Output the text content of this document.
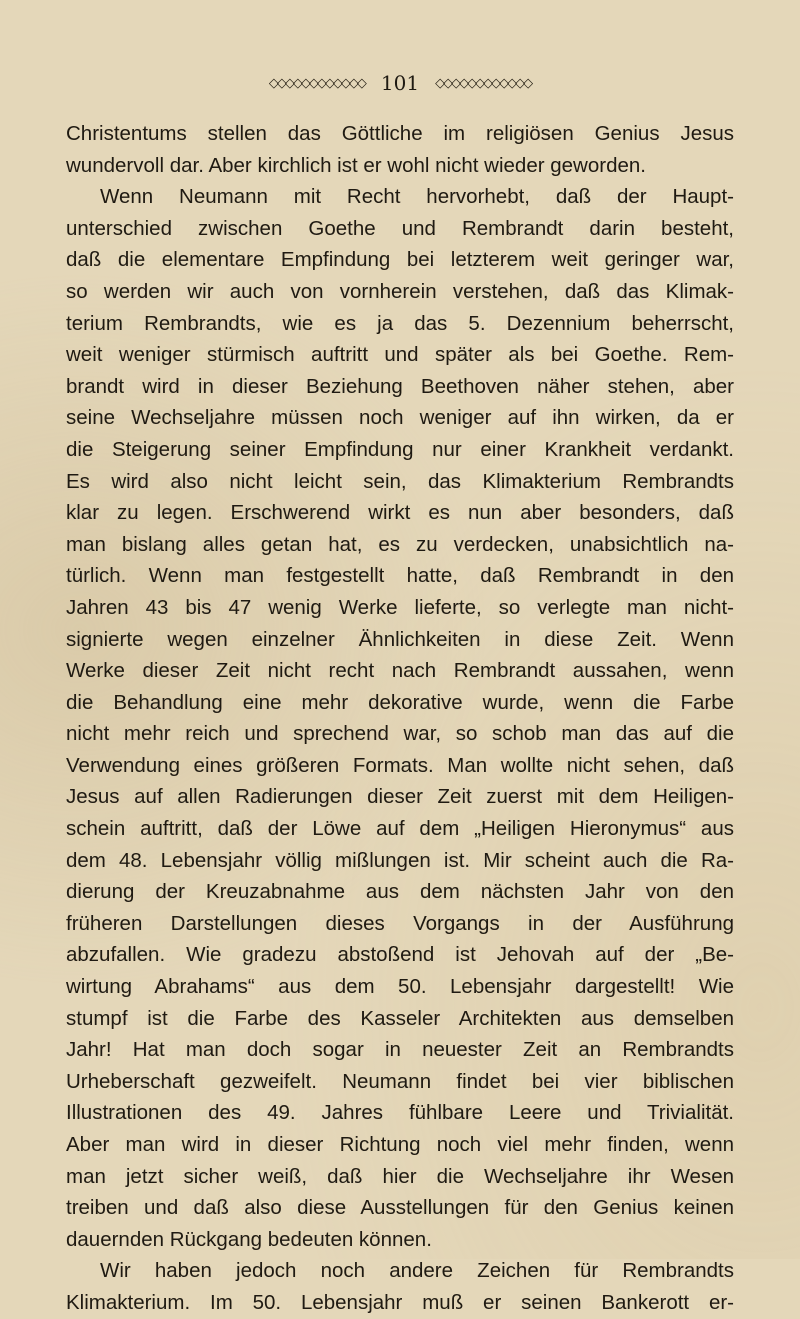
◇◇◇◇◇◇◇◇◇◇◇◇ 101	◇◇◇◇◇◇◇◇◇◇◇◇
Christentums stellen das Göttliche im religiösen Genius Jesus
wundervoll dar. Aber kirchlich ist er wohl nicht wieder geworden.
Wenn Neumann mit Recht hervorhebt, daß der Haupt-
unterschied zwischen Goethe und Rembrandt darin besteht,
daß die elementare Empfindung bei letzterem weit geringer war,
so werden wir auch von vornherein verstehen, daß das Klimak-
terium Rembrandts, wie es ja das 5. Dezennium beherrscht,
weit weniger stürmisch auftritt und später als bei Goethe. Rem-
brandt wird in dieser Beziehung Beethoven näher stehen, aber
seine Wechseljahre müssen noch weniger auf ihn wirken, da er
die Steigerung seiner Empfindung nur einer Krankheit verdankt.
Es wird also nicht leicht sein, das Klimakterium Rembrandts
klar zu legen. Erschwerend wirkt es nun aber besonders, daß
man bislang alles getan hat, es zu verdecken, unabsichtlich na-
türlich. Wenn man festgestellt hatte, daß Rembrandt in den
Jahren 43 bis 47 wenig Werke lieferte, so verlegte man nicht-
signierte wegen einzelner Ähnlichkeiten in diese Zeit. Wenn
Werke dieser Zeit nicht recht nach Rembrandt aussahen, wenn
die Behandlung eine mehr dekorative wurde, wenn die Farbe
nicht mehr reich und sprechend war, so schob man das auf die
Verwendung eines größeren Formats. Man wollte nicht sehen, daß
Jesus auf allen Radierungen dieser Zeit zuerst mit dem Heiligen-
schein auftritt, daß der Löwe auf dem „Heiligen Hieronymus“ aus
dem 48. Lebensjahr völlig mißlungen ist. Mir scheint auch die Ra-
dierung der Kreuzabnahme aus dem nächsten Jahr von den
früheren Darstellungen dieses Vorgangs in der Ausführung
abzufallen. Wie gradezu abstoßend ist Jehovah auf der „Be-
wirtung Abrahams“ aus dem 50. Lebensjahr dargestellt! Wie
stumpf ist die Farbe des Kasseler Architekten aus demselben
Jahr! Hat man doch sogar in neuester Zeit an Rembrandts
Urheberschaft gezweifelt. Neumann findet bei vier biblischen
Illustrationen des 49. Jahres fühlbare Leere und Trivialität.
Aber man wird in dieser Richtung noch viel mehr finden, wenn
man jetzt sicher weiß, daß hier die Wechseljahre ihr Wesen
treiben und daß also diese Ausstellungen für den Genius keinen
dauernden Rückgang bedeuten können.
Wir haben jedoch noch andere Zeichen für Rembrandts
Klimakterium. Im 50. Lebensjahr muß er seinen Bankerott er-
